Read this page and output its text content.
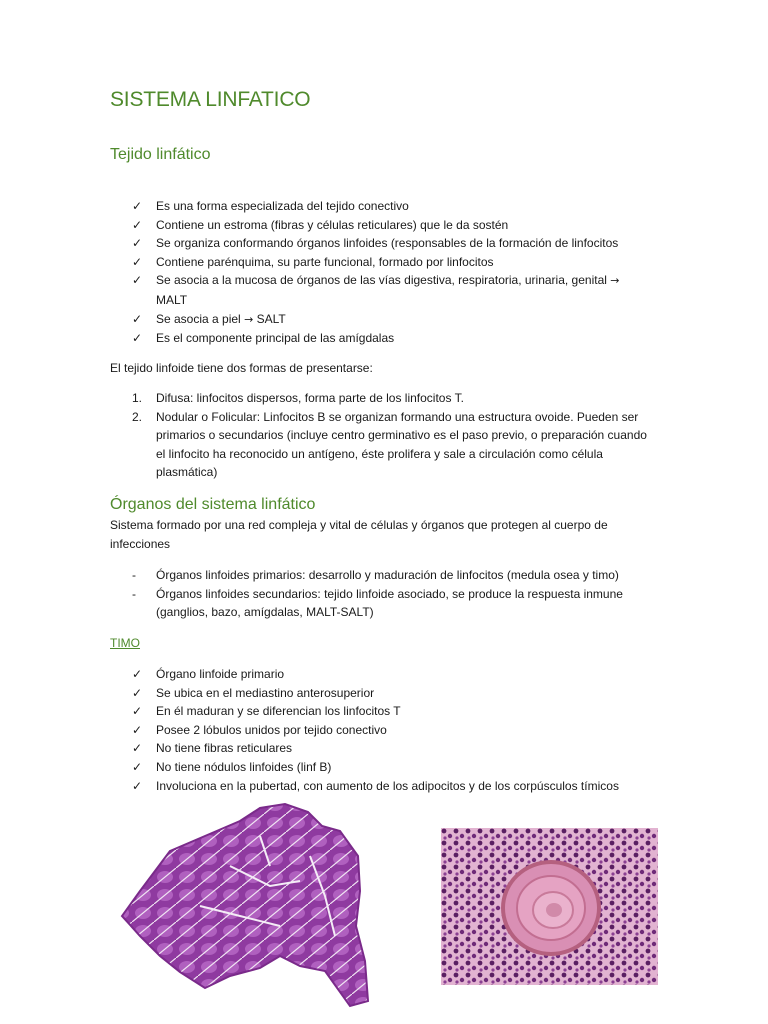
SISTEMA LINFATICO
Tejido linfático
✓	Es una forma especializada del tejido conectivo
✓	Contiene un estroma (fibras y células reticulares) que le da sostén
✓	Se organiza conformando órganos linfoides (responsables de la formación de linfocitos
✓	Contiene parénquima, su parte funcional, formado por linfocitos
✓	Se asocia a la mucosa de órganos de las vías digestiva, respiratoria, urinaria, genital →
MALT
✓	Se asocia a piel → SALT
✓	Es el componente principal de las amígdalas
El tejido linfoide tiene dos formas de presentarse:
1.	Difusa: linfocitos dispersos, forma parte de los linfocitos T.
2.	Nodular o Folicular: Linfocitos B se organizan formando una estructura ovoide. Pueden ser primarios o secundarios (incluye centro germinativo es el paso previo, o preparación cuando el linfocito ha reconocido un antígeno, éste prolifera y sale a circulación como célula plasmática)
Órganos del sistema linfático
Sistema formado por una red compleja y vital de células y órganos que protegen al cuerpo de infecciones
-	Órganos linfoides primarios: desarrollo y maduración de linfocitos (medula osea y timo)
-	Órganos linfoides secundarios: tejido linfoide asociado, se produce la respuesta inmune (ganglios, bazo, amígdalas, MALT-SALT)
TIMO
✓	Órgano linfoide primario
✓	Se ubica en el mediastino anterosuperior
✓	En él maduran y se diferencian los linfocitos T
✓	Posee 2 lóbulos unidos por tejido conectivo
✓	No tiene fibras reticulares
✓	No tiene nódulos linfoides (linf B)
✓	Involuciona en la pubertad, con aumento de los adipocitos y de los corpúsculos tímicos
